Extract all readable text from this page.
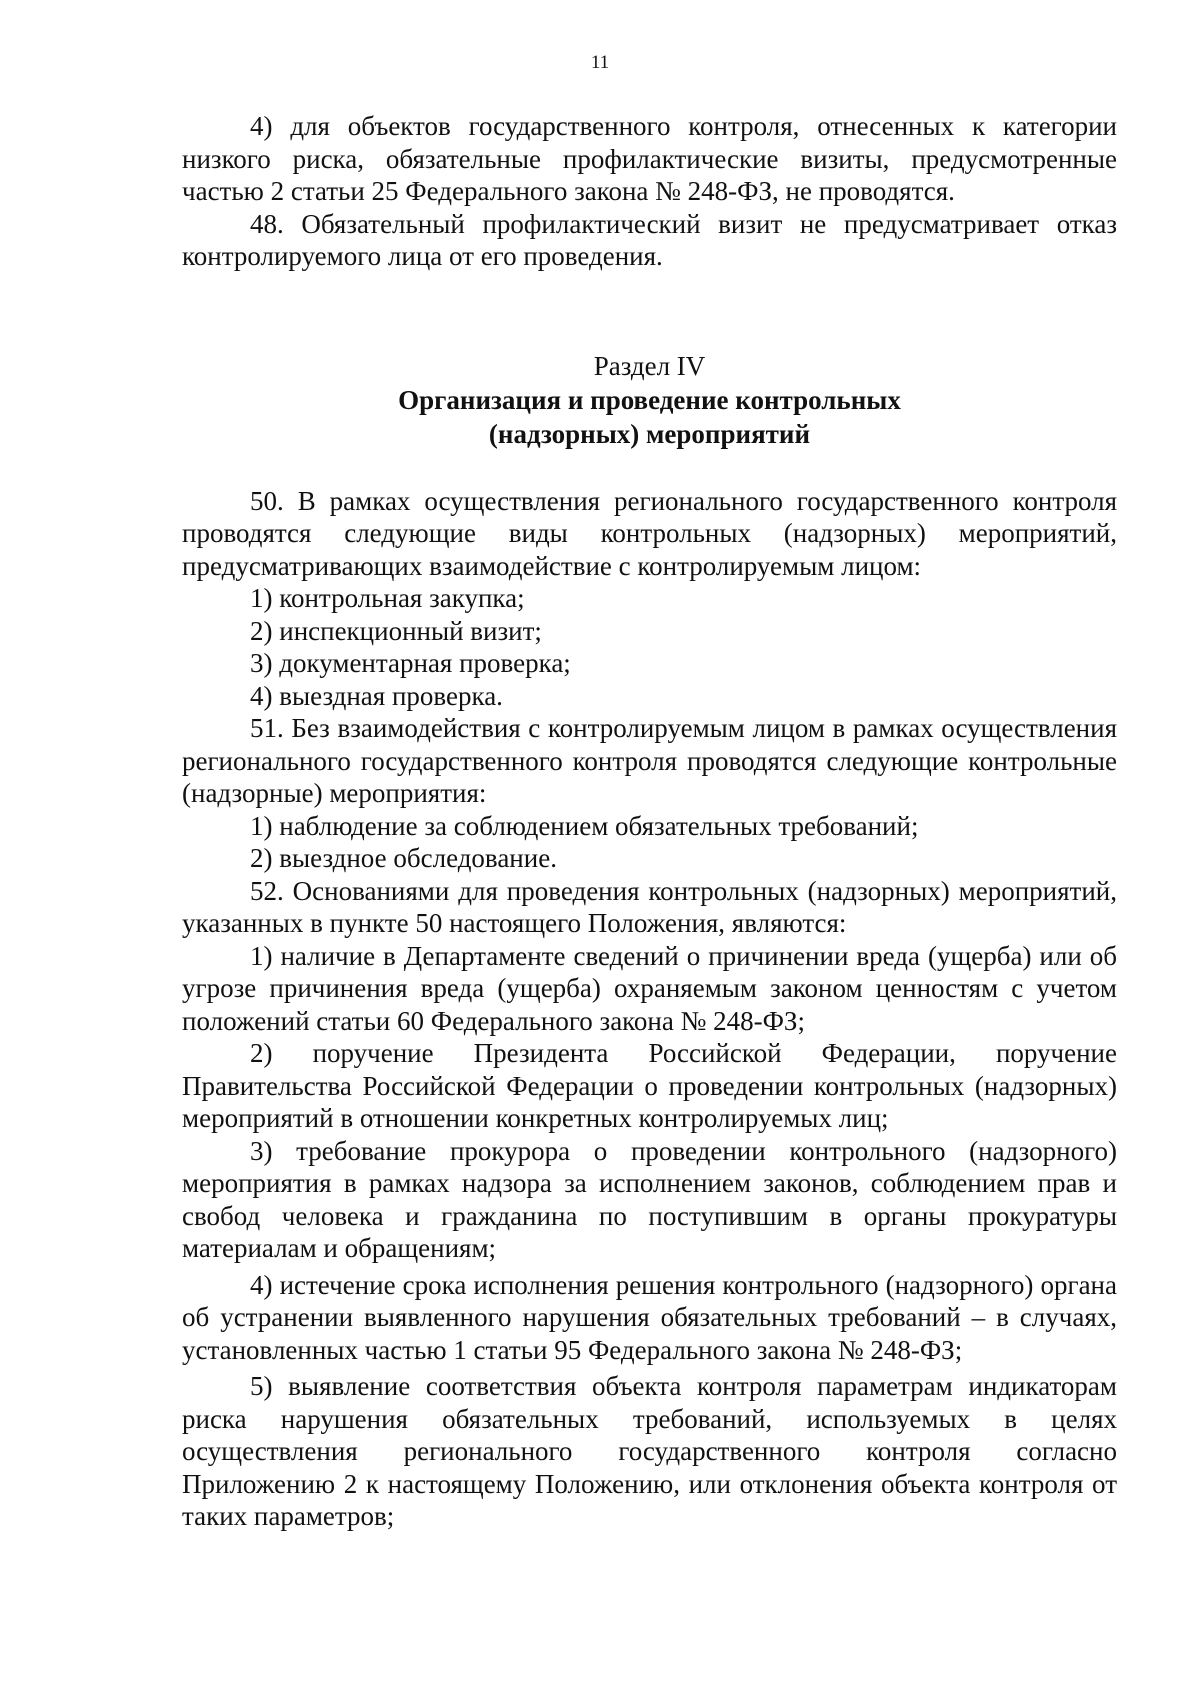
11

4) для объектов государственного контроля, отнесенных к категории низкого риска, обязательные профилактические визиты, предусмотренные частью 2 статьи 25 Федерального закона № 248-ФЗ, не проводятся.

48. Обязательный профилактический визит не предусматривает отказ контролируемого лица от его проведения.

Раздел IV
Организация и проведение контрольных (надзорных) мероприятий

50. В рамках осуществления регионального государственного контроля проводятся следующие виды контрольных (надзорных) мероприятий, предусматривающих взаимодействие с контролируемым лицом:

1) контрольная закупка;

2) инспекционный визит;

3) документарная проверка;

4) выездная проверка.

51. Без взаимодействия с контролируемым лицом в рамках осуществления регионального государственного контроля проводятся следующие контрольные (надзорные) мероприятия:

1) наблюдение за соблюдением обязательных требований;

2) выездное обследование.

52. Основаниями для проведения контрольных (надзорных) мероприятий, указанных в пункте 50 настоящего Положения, являются:

1) наличие в Департаменте сведений о причинении вреда (ущерба) или об угрозе причинения вреда (ущерба) охраняемым законом ценностям с учетом положений статьи 60 Федерального закона № 248-ФЗ;

2) поручение Президента Российской Федерации, поручение Правительства Российской Федерации о проведении контрольных (надзорных) мероприятий в отношении конкретных контролируемых лиц;

3) требование прокурора о проведении контрольного (надзорного) мероприятия в рамках надзора за исполнением законов, соблюдением прав и свобод человека и гражданина по поступившим в органы прокуратуры материалам и обращениям;

4) истечение срока исполнения решения контрольного (надзорного) органа об устранении выявленного нарушения обязательных требований – в случаях, установленных частью 1 статьи 95 Федерального закона № 248-ФЗ;

5) выявление соответствия объекта контроля параметрам индикаторам риска нарушения обязательных требований, используемых в целях осуществления регионального государственного контроля согласно Приложению 2 к настоящему Положению, или отклонения объекта контроля от таких параметров;
